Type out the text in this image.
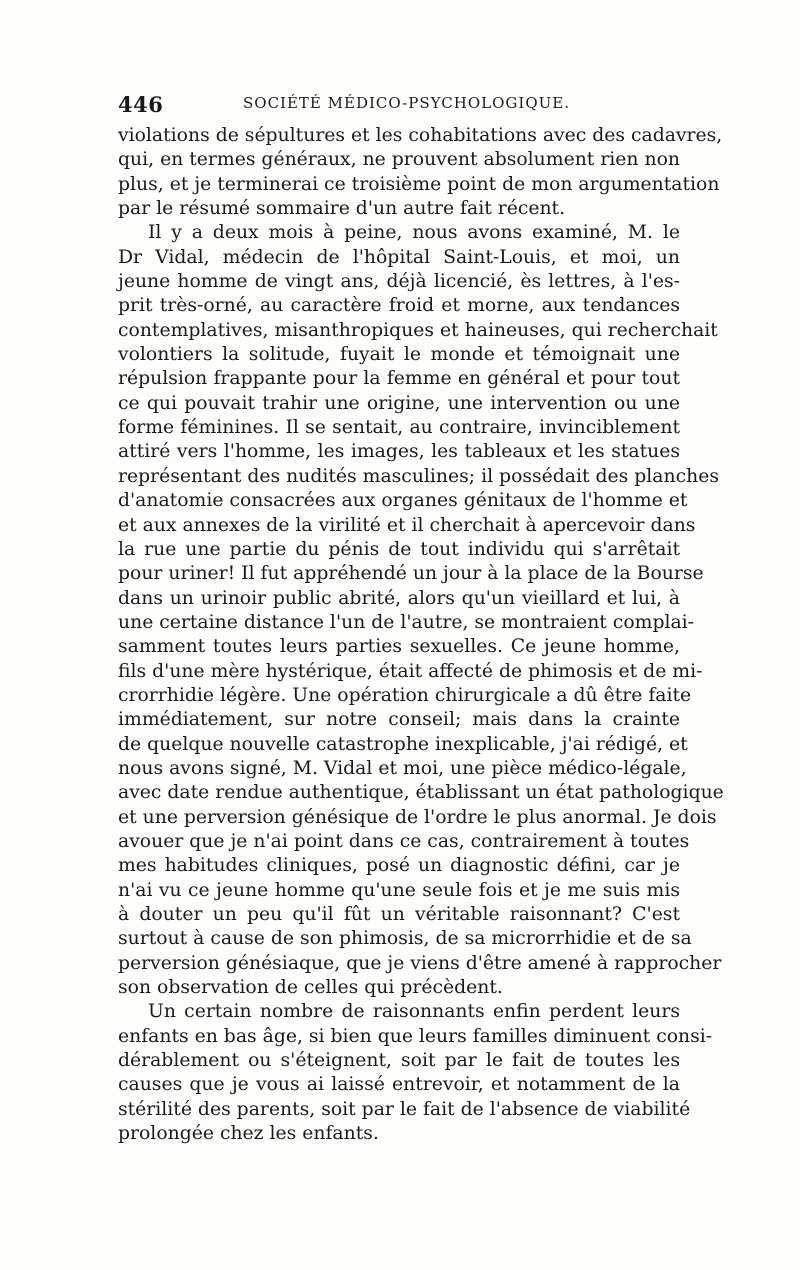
446	SOCIÉTÉ MÉDICO-PSYCHOLOGIQUE.
violations de sépultures et les cohabitations avec des cadavres,
qui, en termes généraux, ne prouvent absolument rien non
plus, et je terminerai ce troisième point de mon argumentation
par le résumé sommaire d'un autre fait récent.
Il y a deux mois à peine, nous avons examiné, M. le
Dr Vidal, médecin de l'hôpital Saint-Louis, et moi, un
jeune homme de vingt ans, déjà licencié, ès lettres, à l'es-
prit très-orné, au caractère froid et morne, aux tendances
contemplatives, misanthropiques et haineuses, qui recherchait
volontiers la solitude, fuyait le monde et témoignait une
répulsion frappante pour la femme en général et pour tout
ce qui pouvait trahir une origine, une intervention ou une
forme féminines. Il se sentait, au contraire, invinciblement
attiré vers l'homme, les images, les tableaux et les statues
représentant des nudités masculines; il possédait des planches
d'anatomie consacrées aux organes génitaux de l'homme et
et aux annexes de la virilité et il cherchait à apercevoir dans
la rue une partie du pénis de tout individu qui s'arrêtait
pour uriner! Il fut appréhendé un jour à la place de la Bourse
dans un urinoir public abrité, alors qu'un vieillard et lui, à
une certaine distance l'un de l'autre, se montraient complai-
samment toutes leurs parties sexuelles. Ce jeune homme,
fils d'une mère hystérique, était affecté de phimosis et de mi-
crorrhidie légère. Une opération chirurgicale a dû être faite
immédiatement, sur notre conseil; mais dans la crainte
de quelque nouvelle catastrophe inexplicable, j'ai rédigé, et
nous avons signé, M. Vidal et moi, une pièce médico-légale,
avec date rendue authentique, établissant un état pathologique
et une perversion génésique de l'ordre le plus anormal. Je dois
avouer que je n'ai point dans ce cas, contrairement à toutes
mes habitudes cliniques, posé un diagnostic défini, car je
n'ai vu ce jeune homme qu'une seule fois et je me suis mis
à douter un peu qu'il fût un véritable raisonnant? C'est
surtout à cause de son phimosis, de sa microrrhidie et de sa
perversion génésiaque, que je viens d'être amené à rapprocher
son observation de celles qui précèdent.
Un certain nombre de raisonnants enfin perdent leurs
enfants en bas âge, si bien que leurs familles diminuent consi-
dérablement ou s'éteignent, soit par le fait de toutes les
causes que je vous ai laissé entrevoir, et notamment de la
stérilité des parents, soit par le fait de l'absence de viabilité
prolongée chez les enfants.
